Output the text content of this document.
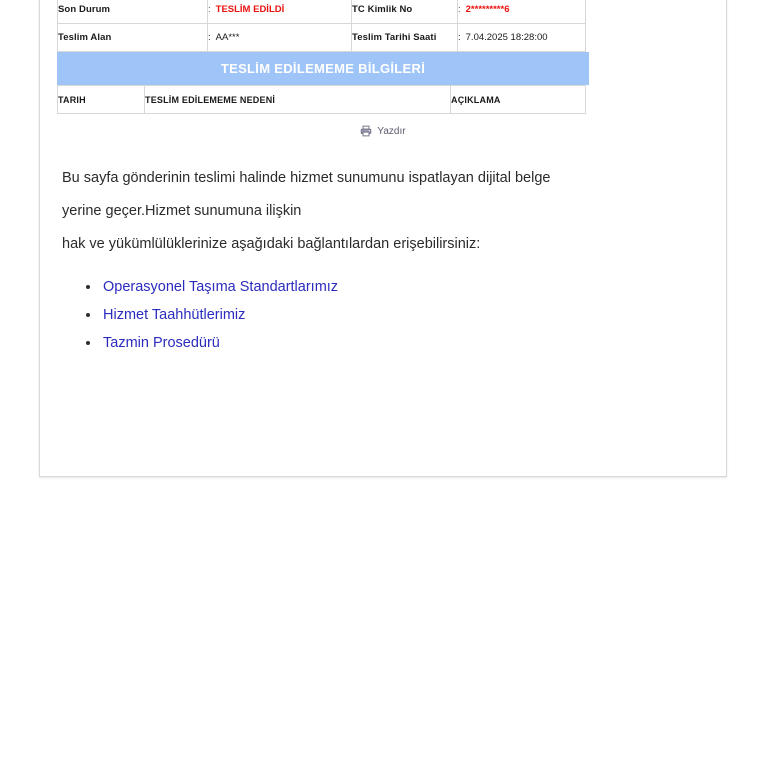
Son Durum	: TESLİM EDİLDİ	TC Kimlik No	: 2*********6
Teslim Alan	: AA***	Teslim Tarihi Saati	: 7.04.2025 18:28:00
TESLİM EDİLEMEME BİLGİLERİ
TARIH	TESLİM EDİLEMEME NEDENİ	AÇIKLAMA
Yazdır
Bu sayfa gönderinin teslimi halinde hizmet sunumunu ispatlayan dijital belge
yerine geçer.Hizmet sunumuna ilişkin
hak ve yükümlülüklerinize aşağıdaki bağlantılardan erişebilirsiniz:
Operasyonel Taşıma Standartlarımız
Hizmet Taahhütlerimiz
Tazmin Prosedürü
